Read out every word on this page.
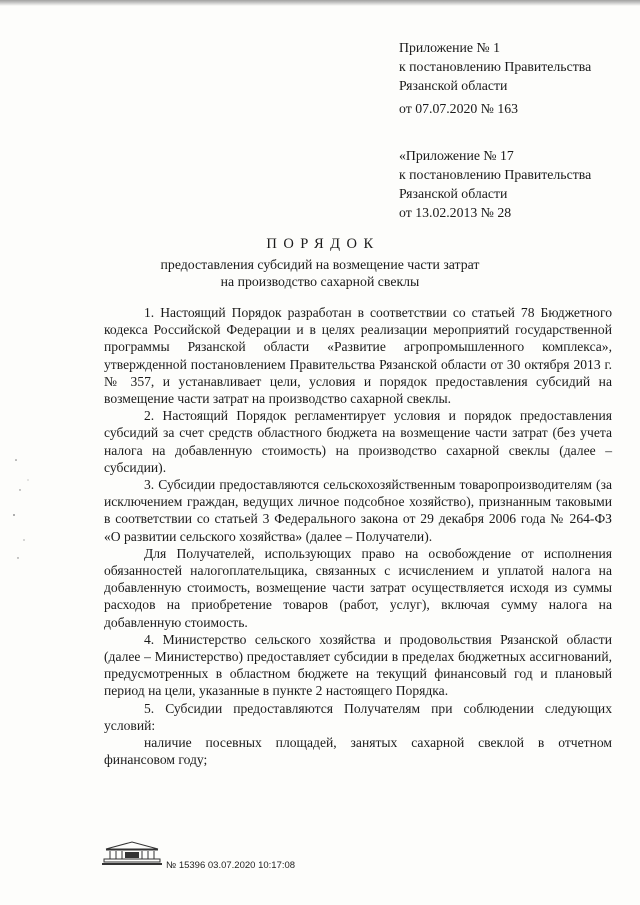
Приложение № 1
к постановлению Правительства
Рязанской области
от 07.07.2020 № 163
«Приложение № 17
к постановлению Правительства
Рязанской области
от 13.02.2013 № 28
ПОРЯДОК
предоставления субсидий на возмещение части затрат
на производство сахарной свеклы

1. Настоящий Порядок разработан в соответствии со статьей 78 Бюджетного кодекса Российской Федерации и в целях реализации мероприятий государственной программы Рязанской области «Развитие агропромышленного комплекса», утвержденной постановлением Правительства Рязанской области от 30 октября 2013 г. № 357, и устанавливает цели, условия и порядок предоставления субсидий на возмещение части затрат на производство сахарной свеклы.

2. Настоящий Порядок регламентирует условия и порядок предоставления субсидий за счет средств областного бюджета на возмещение части затрат (без учета налога на добавленную стоимость) на производство сахарной свеклы (далее – субсидии).

3. Субсидии предоставляются сельскохозяйственным товаропроизводителям (за исключением граждан, ведущих личное подсобное хозяйство), признанным таковыми в соответствии со статьей 3 Федерального закона от 29 декабря 2006 года № 264-ФЗ «О развитии сельского хозяйства» (далее – Получатели).

Для Получателей, использующих право на освобождение от исполнения обязанностей налогоплательщика, связанных с исчислением и уплатой налога на добавленную стоимость, возмещение части затрат осуществляется исходя из суммы расходов на приобретение товаров (работ, услуг), включая сумму налога на добавленную стоимость.

4. Министерство сельского хозяйства и продовольствия Рязанской области (далее – Министерство) предоставляет субсидии в пределах бюджетных ассигнований, предусмотренных в областном бюджете на текущий финансовый год и плановый период на цели, указанные в пункте 2 настоящего Порядка.

5. Субсидии предоставляются Получателям при соблюдении следующих условий:

наличие посевных площадей, занятых сахарной свеклой в отчетном финансовом году;

№ 15396 03.07.2020 10:17:08
